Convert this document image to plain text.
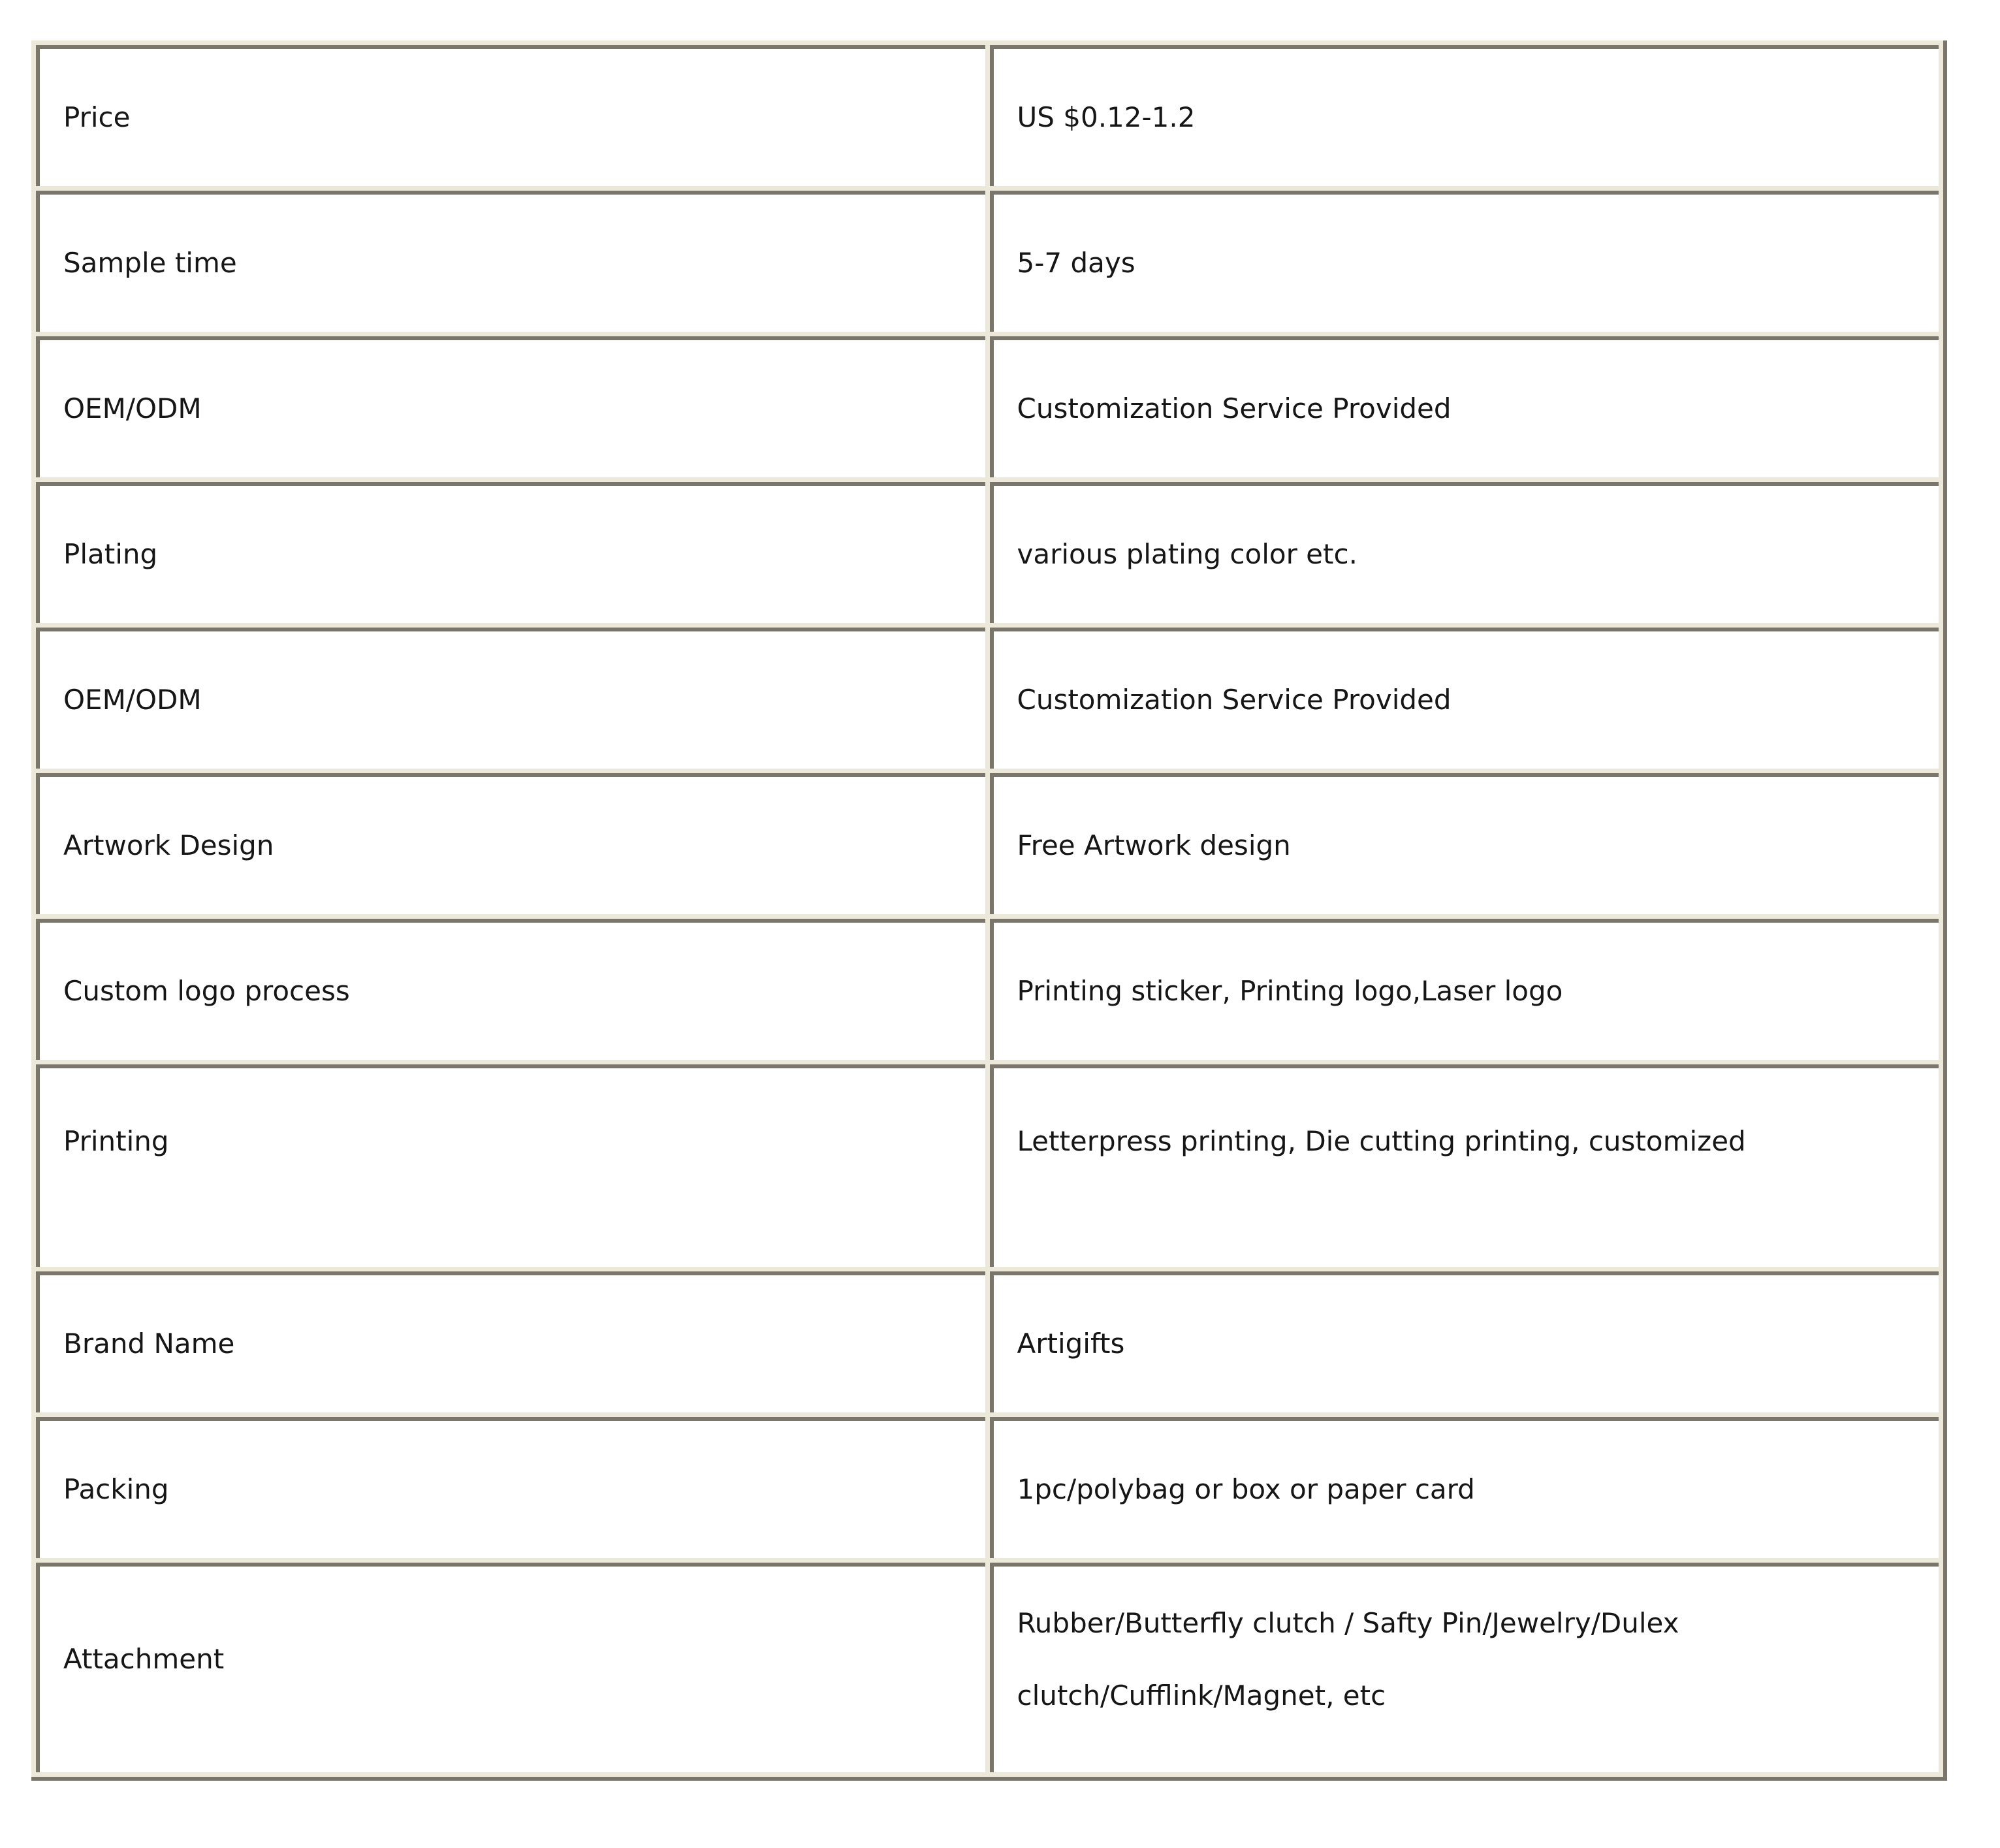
Price	US $0.12-1.2

Sample time	5-7 days

OEM/ODM	Customization Service Provided

Plating	various plating color etc.

OEM/ODM	Customization Service Provided

Artwork Design	Free Artwork design

Custom logo process	Printing sticker, Printing logo,Laser logo

Printing	Letterpress printing, Die cutting printing, customized

Brand Name	Artigifts

Packing	1pc/polybag or box or paper card

Attachment	Rubber/Butterfly clutch / Safty Pin/Jewelry/Dulex
clutch/Cufflink/Magnet, etc
